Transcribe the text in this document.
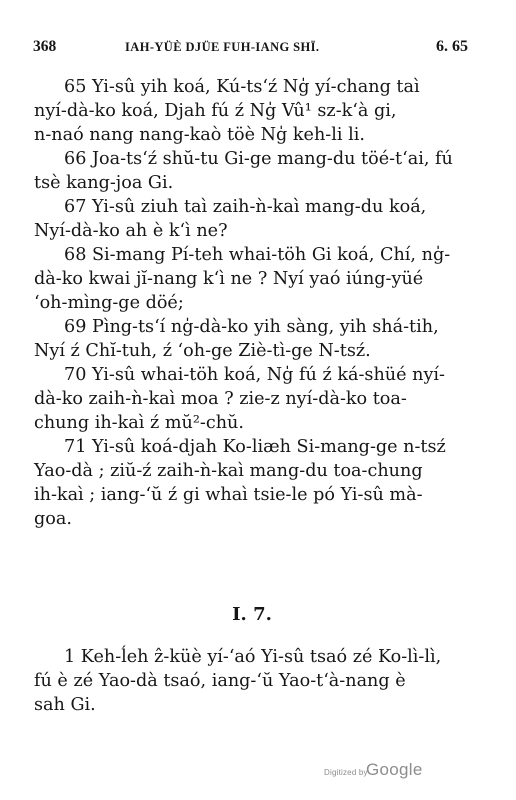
368	IAH-YÜÈ DJÜE FUH-IANG SHÏ.	6. 65
65 Yi-sû yih koá, Kú-ts‘ź Ng̍ yí-chang taì
nyí-dà-ko koá, Djah fú ź Ng̍ Vû¹ sz-k‘à gi,
n-naó nang nang-kaò töè Ng̍ keh-li li.
66 Joa-ts‘ź shŭ-tu Gi-ge mang-du töé-t‘ai, fú
tsè kang-joa Gi.
67 Yi-sû ziuh taì zaih-ǹ-kaì mang-du koá,
Nyí-dà-ko ah è k‘ì ne?
68 Si-mang Pí-teh whai-töh Gi koá, Chí, ng̍-
dà-ko kwai jĭ-nang k‘ì ne ? Nyí yaó iúng-yüé
‘oh-mìng-ge döé;
69 Pìng-ts‘í ng̍-dà-ko yih sàng, yih shá-tih,
Nyí ź Chĭ-tuh, ź ‘oh-ge Ziè-tì-ge N-tsź.
70 Yi-sû whai-töh koá, Ng̍ fú ź ká-shüé nyí-
dà-ko zaih-ǹ-kaì moa ? zie-z nyí-dà-ko toa-
chung ih-kaì ź mŭ²-chŭ.
71 Yi-sû koá-djah Ko-liæh Si-mang-ge n-tsź
Yao-dà ; ziŭ-ź zaih-ǹ-kaì mang-du toa-chung
ih-kaì ; iang-‘ŭ ź gi whaì tsie-le pó Yi-sû mà-
goa.
I. 7.
1 Keh-ĺeh ẑ-küè yí-‘aó Yi-sû tsaó zé Ko-lì-lì,
fú è zé Yao-dà tsaó, iang-‘ŭ Yao-t‘à-nang è
sah Gi.
Digitized by
Google
